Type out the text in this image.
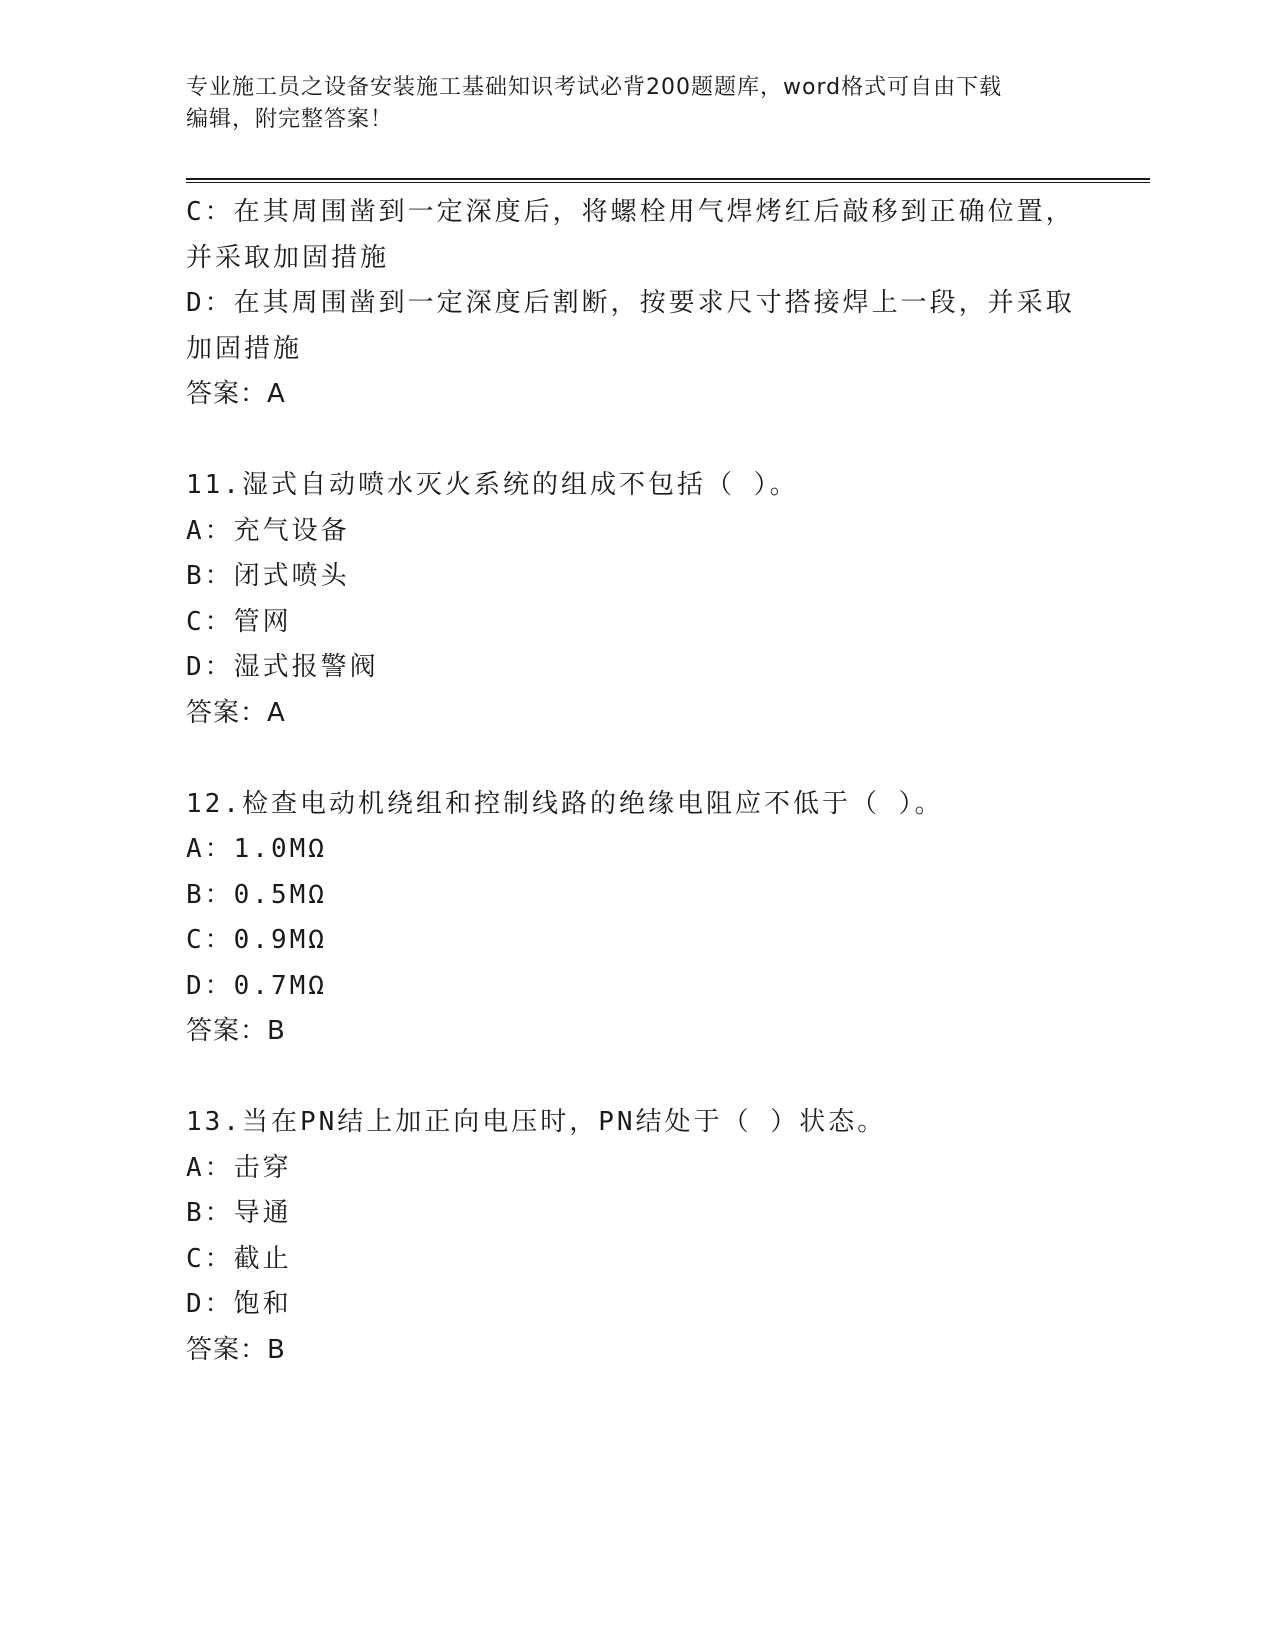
专业施工员之设备安装施工基础知识考试必背200题题库，word格式可自由下载
编辑，附完整答案！
C：在其周围凿到一定深度后，将螺栓用气焊烤红后敲移到正确位置，
并采取加固措施
D：在其周围凿到一定深度后割断，按要求尺寸搭接焊上一段，并采取
加固措施
答案：A
11.湿式自动喷水灭火系统的组成不包括（ ）。
A：充气设备
B：闭式喷头
C：管网
D：湿式报警阀
答案：A
12.检查电动机绕组和控制线路的绝缘电阻应不低于（ ）。
A：1.0MΩ
B：0.5MΩ
C：0.9MΩ
D：0.7MΩ
答案：B
13.当在PN结上加正向电压时，PN结处于（ ）状态。
A：击穿
B：导通
C：截止
D：饱和
答案：B
